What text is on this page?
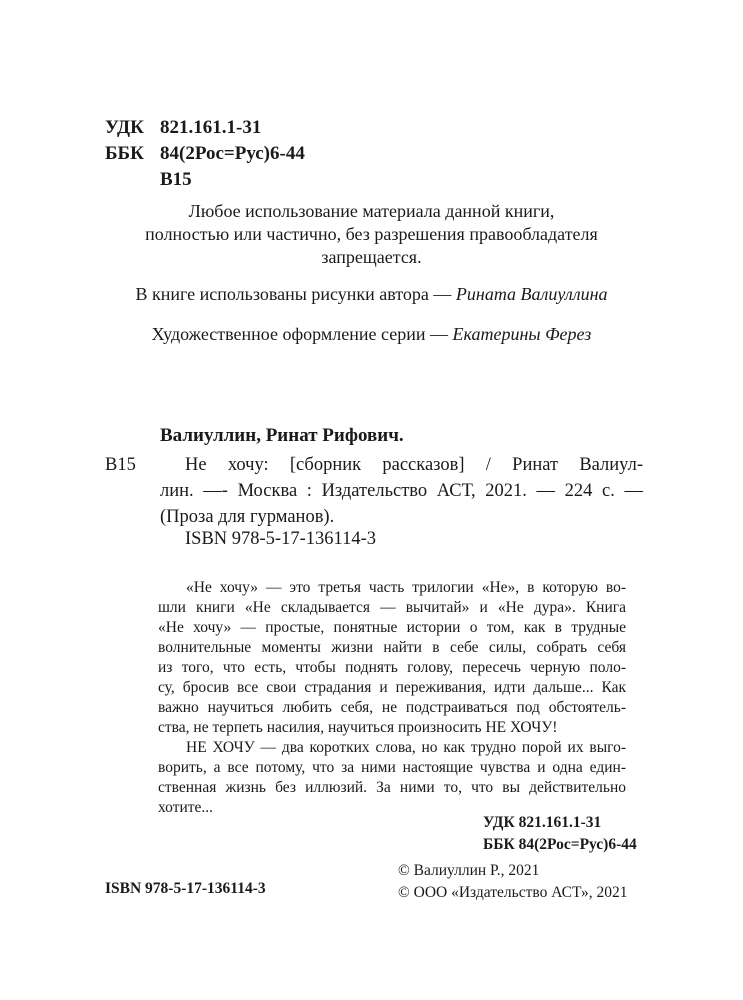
УДК 821.161.1-31
ББК 84(2Рос=Рус)6-44
В15
Любое использование материала данной книги,
полностью или частично, без разрешения правообладателя
запрещается.
В книге использованы рисунки автора — Рината Валиуллина
Художественное оформление серии — Екатерины Ферез
Валиуллин, Ринат Рифович.
В15	Не хочу: [сборник рассказов] / Ринат Валиул-
лин. —- Москва : Издательство АСТ, 2021. — 224 с. —
(Проза для гурманов).
ISBN 978-5-17-136114-3
«Не хочу» — это третья часть трилогии «Не», в которую во-
шли книги «Не складывается — вычитай» и «Не дура». Книга
«Не хочу» — простые, понятные истории о том, как в трудные
волнительные моменты жизни найти в себе силы, собрать себя
из того, что есть, чтобы поднять голову, пересечь черную поло-
су, бросив все свои страдания и переживания, идти дальше... Как
важно научиться любить себя, не подстраиваться под обстоятель-
ства, не терпеть насилия, научиться произносить НЕ ХОЧУ!
НЕ ХОЧУ — два коротких слова, но как трудно порой их выго-
ворить, а все потому, что за ними настоящие чувства и одна един-
ственная жизнь без иллюзий. За ними то, что вы действительно
хотите...
УДК 821.161.1-31
ББК 84(2Рос=Рус)6-44
ISBN 978-5-17-136114-3
© Валиуллин Р., 2021
© ООО «Издательство АСТ», 2021
